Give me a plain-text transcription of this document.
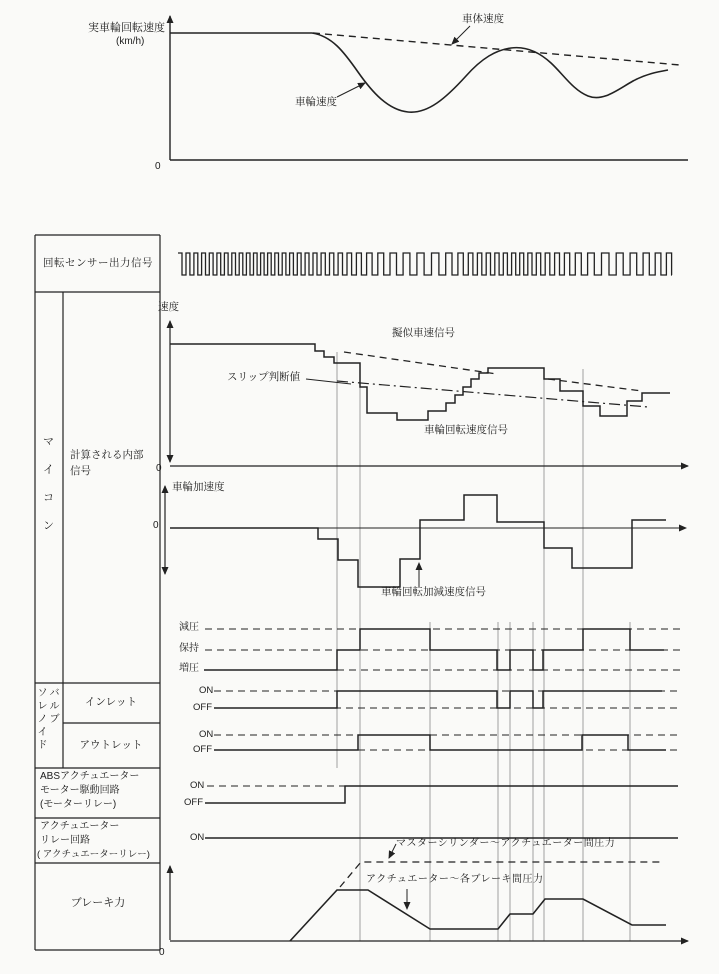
実車輪回転速度
(km/h)
0
車体速度
車輪速度
回転センサー出力信号
マイコン
計算される内部
信号
ソレノイド
バルブ
インレット
アウトレット
ABSアクチュエーター
モーター駆動回路
(モーターリレー)
アクチュエーター
リレー回路
( アクチュエーターリレー)
ブレーキ力
速度
0
擬似車速信号
スリップ判断値
車輪回転速度信号
車輪加速度
0
車輪回転加減速度信号
減圧
保持
増圧
ON
OFF
ON
OFF
ON
OFF
ON
マスターシリンダー〜アクチュエーター間圧力
アクチュエーター〜各ブレーキ間圧力
0
